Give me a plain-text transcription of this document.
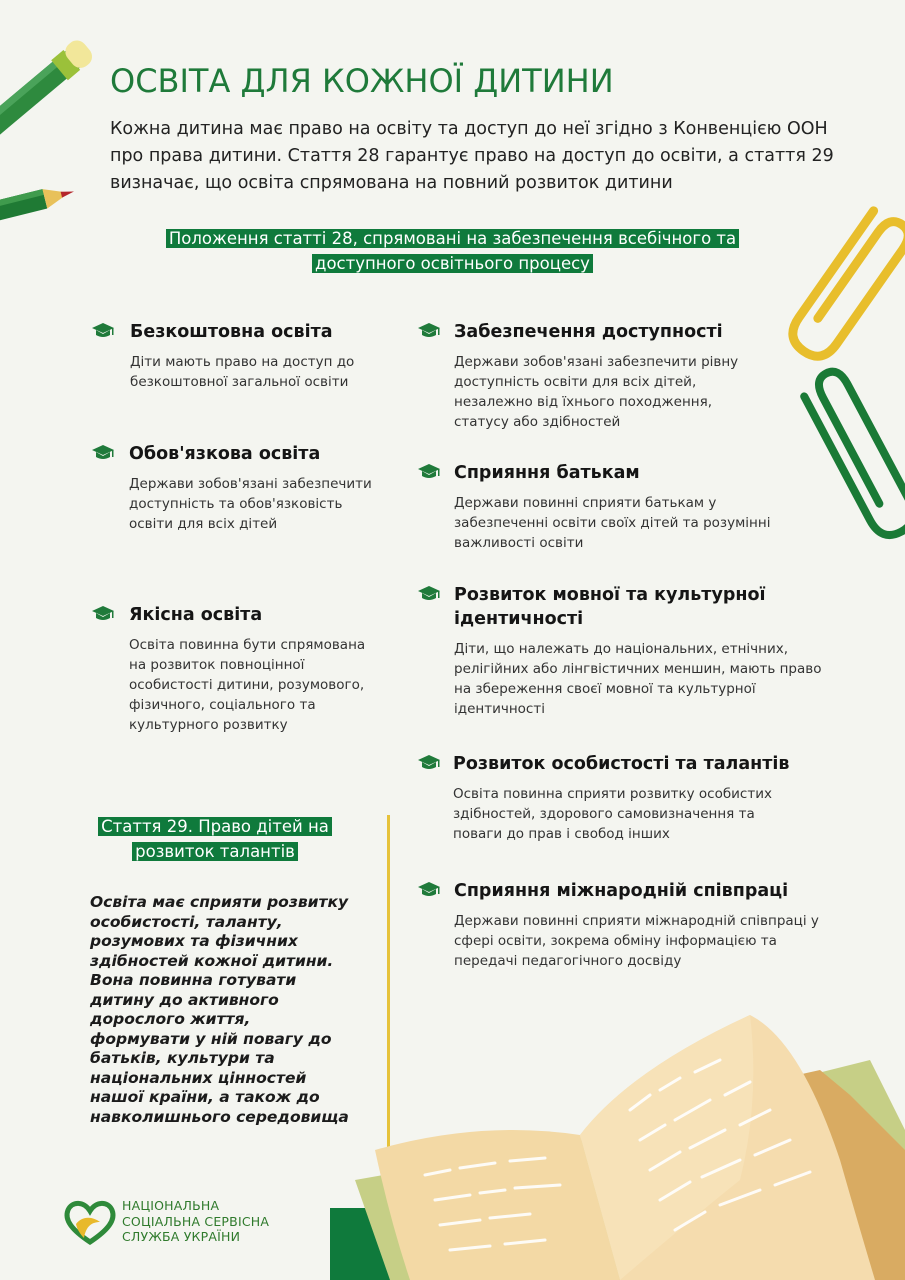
ОСВІТА ДЛЯ КОЖНОЇ ДИТИНИ
Кожна дитина має право на освіту та доступ до неї згідно з Конвенцією ООН про права дитини. Стаття 28 гарантує право на доступ до освіти, а стаття 29 визначає, що освіта спрямована на повний розвиток дитини
Положення статті 28, спрямовані на забезпечення всебічного та
доступного освітнього процесу
Безкоштовна освіта
Діти мають право на доступ до безкоштовної загальної освіти
Обов'язкова освіта
Держави зобов'язані забезпечити доступність та обов'язковість освіти для всіх дітей
Якісна освіта
Освіта повинна бути спрямована на розвиток повноцінної особистості дитини, розумового, фізичного, соціального та культурного розвитку
Забезпечення доступності
Держави зобов'язані забезпечити рівну доступність освіти для всіх дітей, незалежно від їхнього походження, статусу або здібностей
Сприяння батькам
Держави повинні сприяти батькам у забезпеченні освіти своїх дітей та розумінні важливості освіти
Розвиток мовної та культурної ідентичності
Діти, що належать до національних, етнічних, релігійних або лінгвістичних меншин, мають право на збереження своєї мовної та культурної ідентичності
Розвиток особистості та талантів
Освіта повинна сприяти розвитку особистих здібностей, здорового самовизначення та поваги до прав і свобод інших
Сприяння міжнародній співпраці
Держави повинні сприяти міжнародній співпраці у сфері освіти, зокрема обміну інформацією та передачі педагогічного досвіду
Стаття 29. Право дітей на
розвиток талантів
Освіта має сприяти розвитку особистості, таланту, розумових та фізичних здібностей кожної дитини. Вона повинна готувати дитину до активного дорослого життя, формувати у ній повагу до батьків, культури та національних цінностей нашої країни, а також до навколишнього середовища
НАЦІОНАЛЬНА
СОЦІАЛЬНА СЕРВІСНА
СЛУЖБА УКРАЇНИ
